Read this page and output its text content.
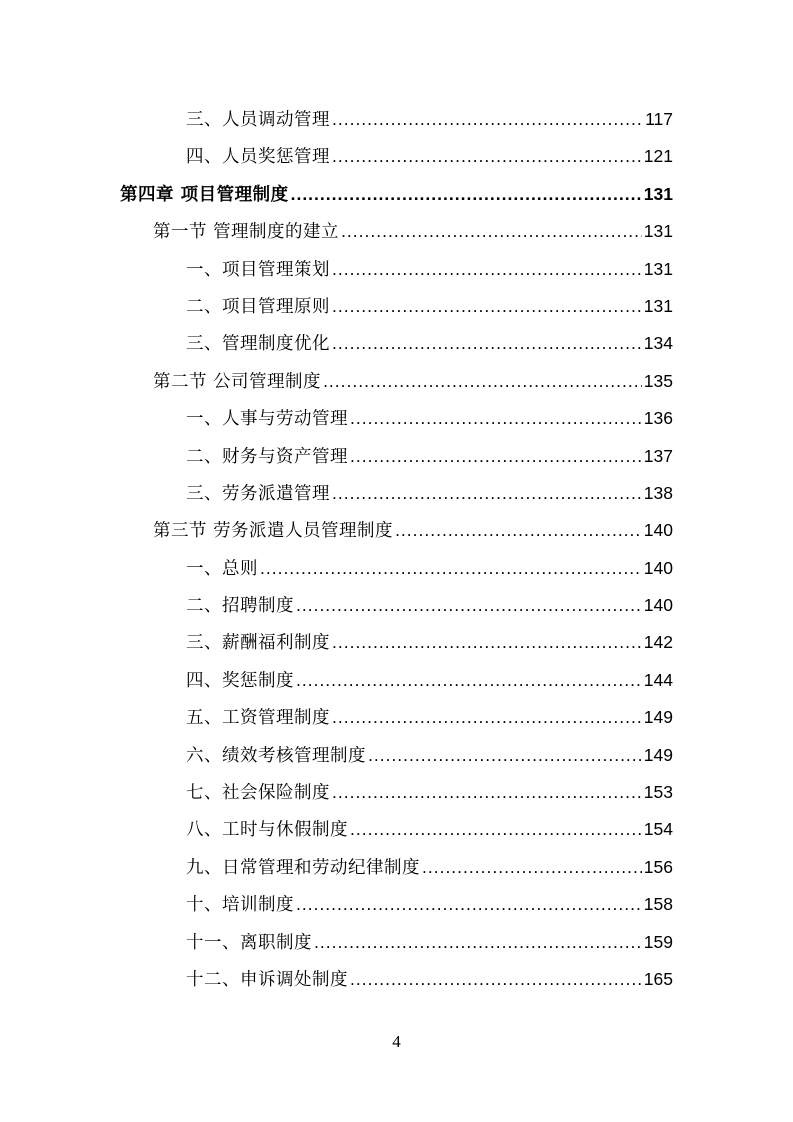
三、人员调动管理 .....	117
四、人员奖惩管理 .....	121
第四章 项目管理制度 .....	131
第一节 管理制度的建立 .....	131
一、项目管理策划 .....	131
二、项目管理原则 .....	131
三、管理制度优化 .....	134
第二节 公司管理制度 .....	135
一、人事与劳动管理 .....	136
二、财务与资产管理 .....	137
三、劳务派遣管理 .....	138
第三节 劳务派遣人员管理制度 .....	140
一、总则 .....	140
二、招聘制度 .....	140
三、薪酬福利制度 .....	142
四、奖惩制度 .....	144
五、工资管理制度 .....	149
六、绩效考核管理制度 .....	149
七、社会保险制度 .....	153
八、工时与休假制度 .....	154
九、日常管理和劳动纪律制度 .....	156
十、培训制度 .....	158
十一、离职制度 .....	159
十二、申诉调处制度 .....	165
4
